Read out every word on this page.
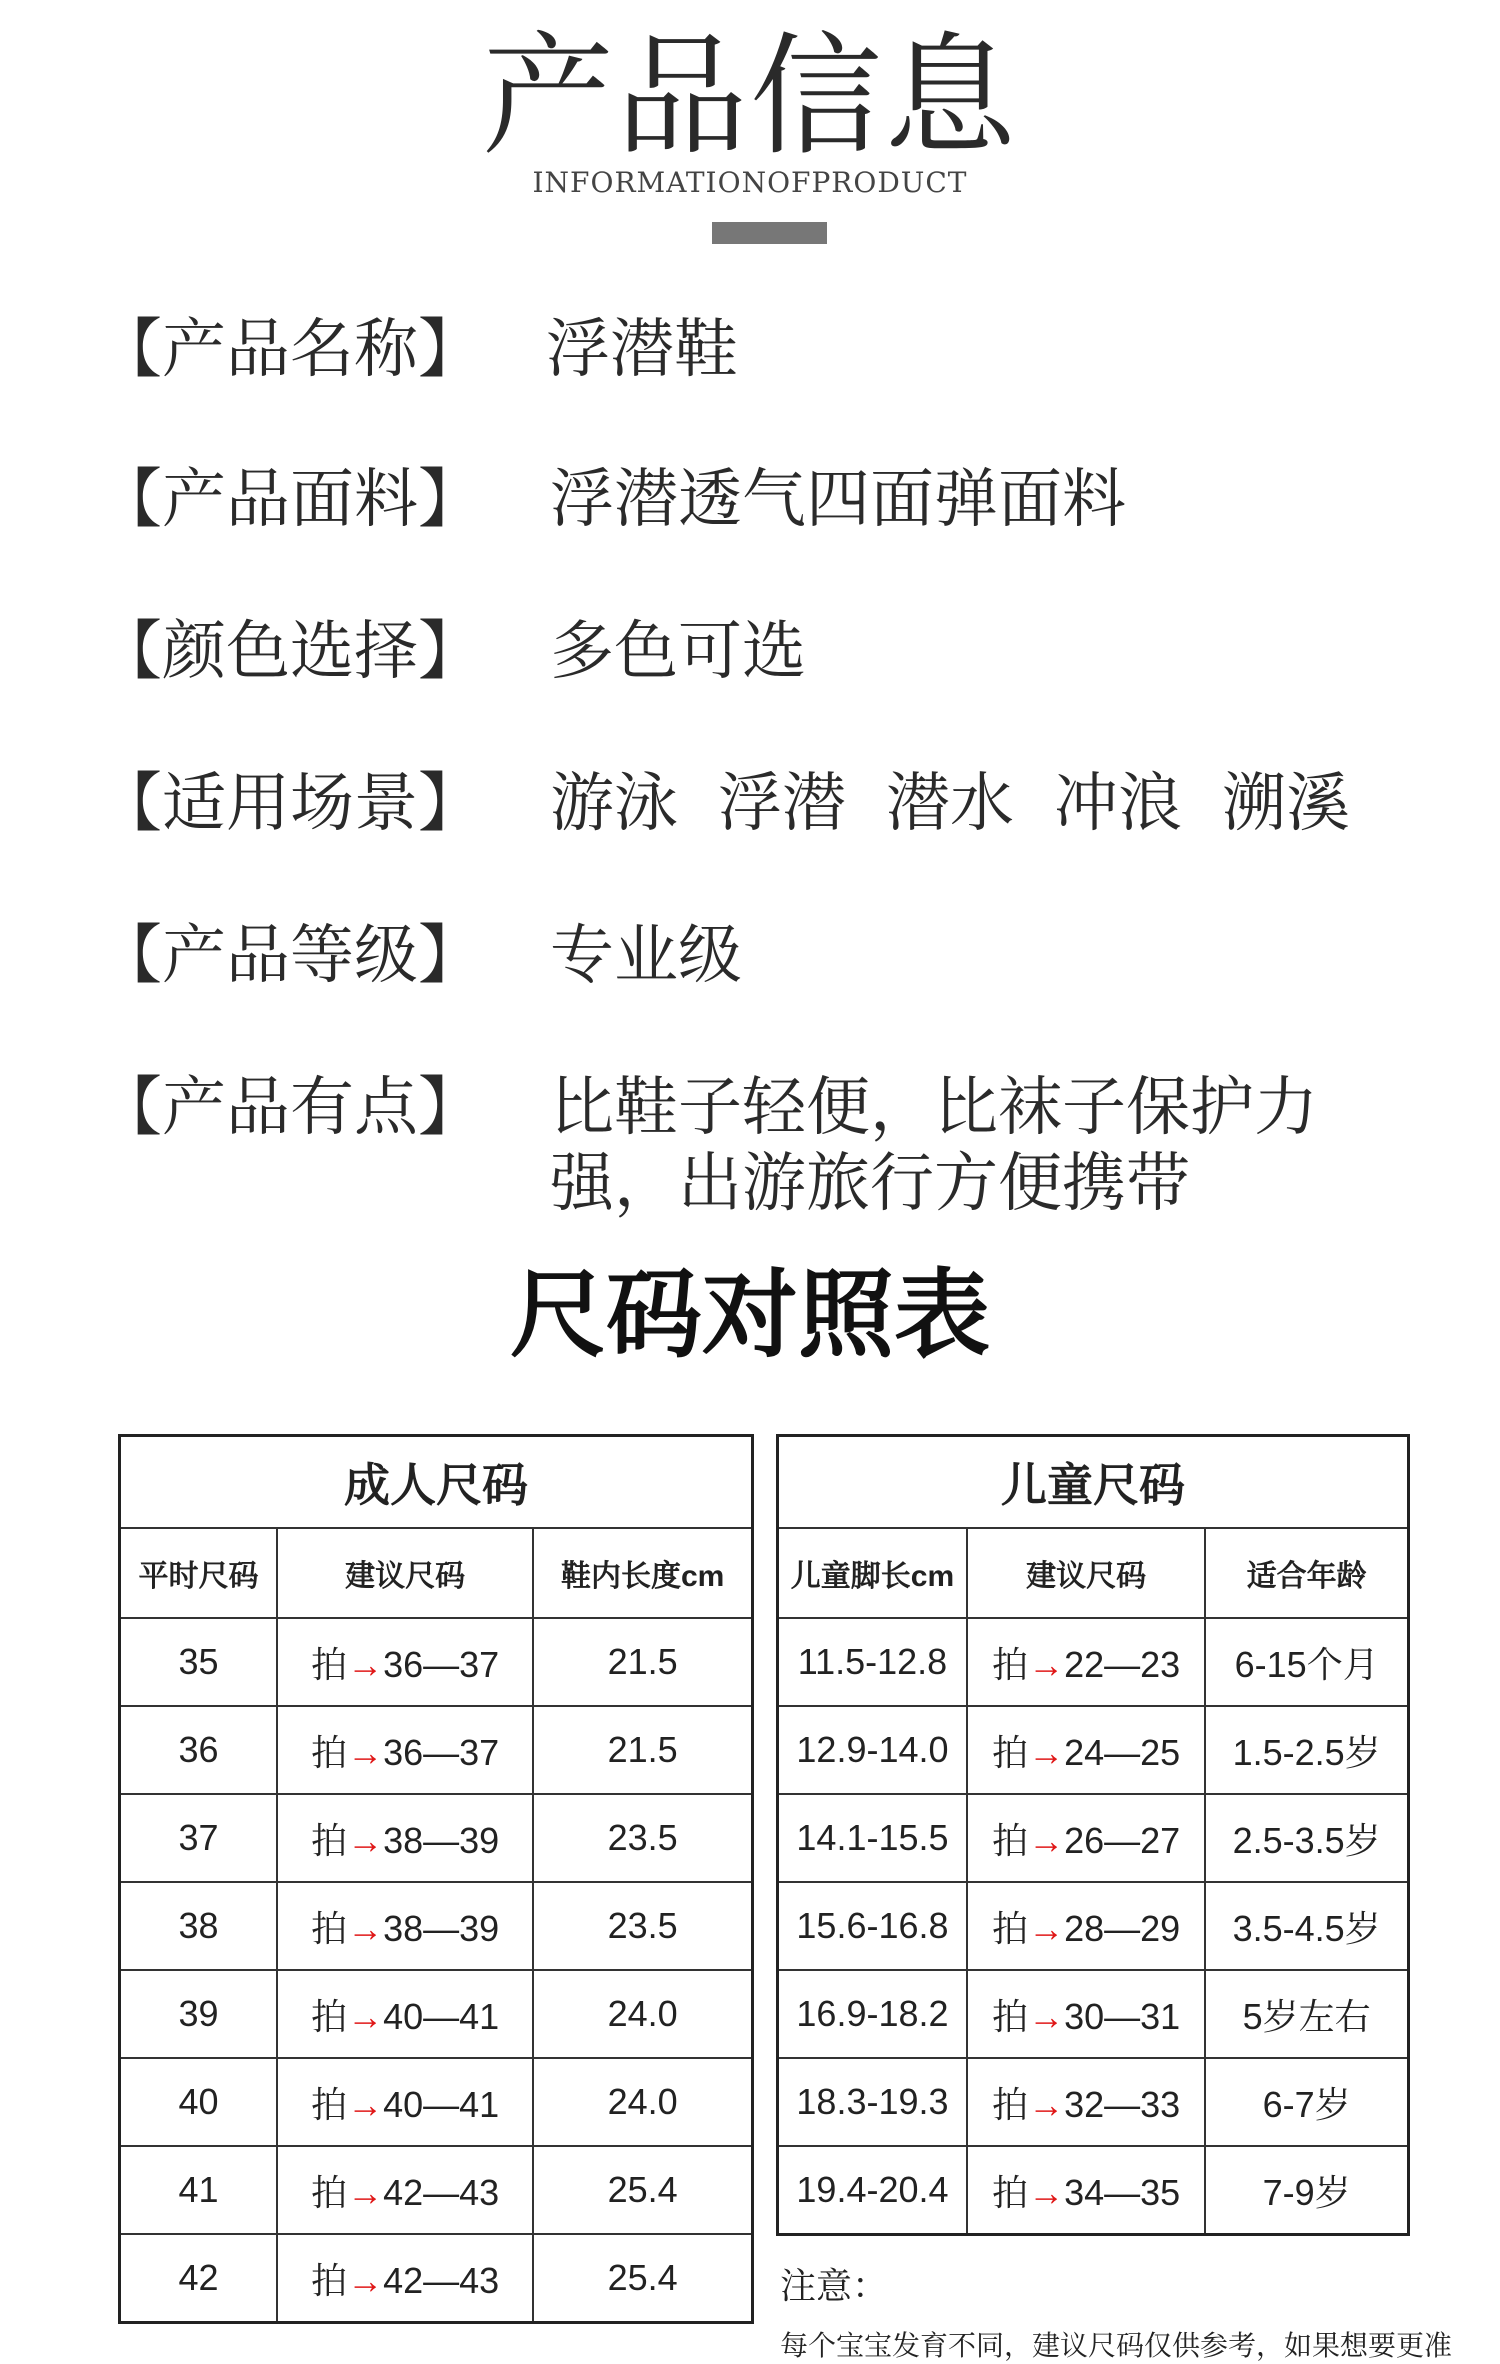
产品信息
INFORMATIONOFPRODUCT
【产品名称】 浮潜鞋
【产品面料】 浮潜透气四面弹面料
【颜色选择】 多色可选
【适用场景】 游泳 浮潜 潜水 冲浪 溯溪
【产品等级】 专业级
【产品有点】 比鞋子轻便，比袜子保护力强，出游旅行方便携带
尺码对照表
成人尺码		
平时尺码	建议尺码	鞋内长度cm
35	拍→36—37	21.5
36	拍→36—37	21.5
37	拍→38—39	23.5
38	拍→38—39	23.5
39	拍→40—41	24.0
40	拍→40—41	24.0
41	拍→42—43	25.4
42	拍→42—43	25.4
儿童尺码		
儿童脚长cm	建议尺码	适合年龄
11.5-12.8	拍→22—23	6-15个月
12.9-14.0	拍→24—25	1.5-2.5岁
14.1-15.5	拍→26—27	2.5-3.5岁
15.6-16.8	拍→28—29	3.5-4.5岁
16.9-18.2	拍→30—31	5岁左右
18.3-19.3	拍→32—33	6-7岁
19.4-20.4	拍→34—35	7-9岁
注意：
每个宝宝发育不同，建议尺码仅供参考，如果想要更准
